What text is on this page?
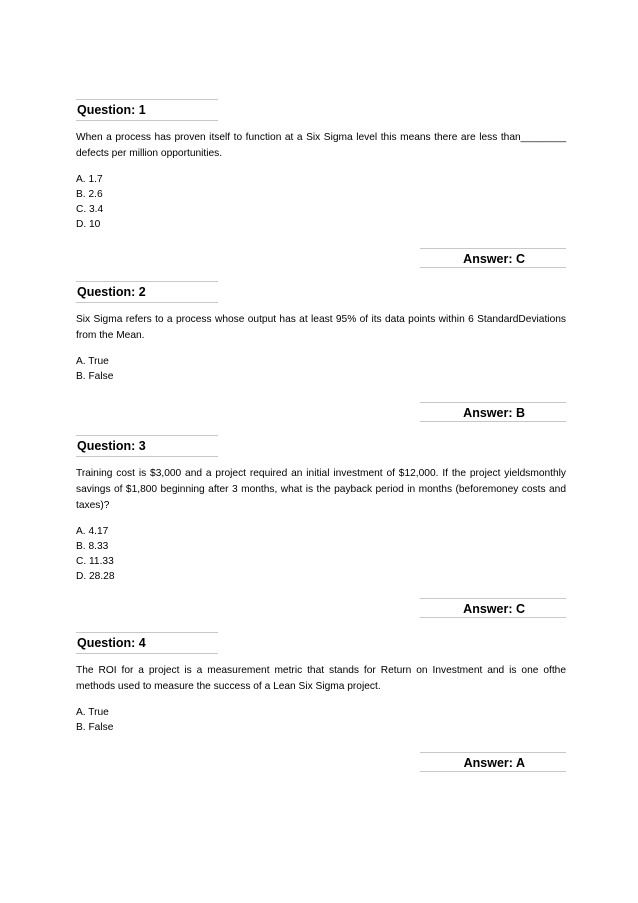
Question: 1
When a process has proven itself to function at a Six Sigma level this means there are less than________ defects per million opportunities.
A. 1.7
B. 2.6
C. 3.4
D. 10
Answer: C
Question: 2
Six Sigma refers to a process whose output has at least 95% of its data points within 6 StandardDeviations from the Mean.
A. True
B. False
Answer: B
Question: 3
Training cost is $3,000 and a project required an initial investment of $12,000. If the project yieldsmonthly savings of $1,800 beginning after 3 months, what is the payback period in months (beforemoney costs and taxes)?
A. 4.17
B. 8.33
C. 11.33
D. 28.28
Answer: C
Question: 4
The ROI for a project is a measurement metric that stands for Return on Investment and is one ofthe methods used to measure the success of a Lean Six Sigma project.
A. True
B. False
Answer: A
